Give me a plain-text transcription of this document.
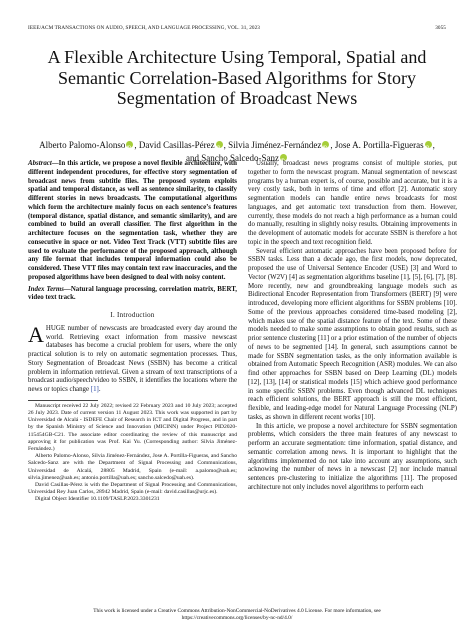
IEEE/ACM TRANSACTIONS ON AUDIO, SPEECH, AND LANGUAGE PROCESSING, VOL. 31, 2023	3055
A Flexible Architecture Using Temporal, Spatial and Semantic Correlation-Based Algorithms for Story Segmentation of Broadcast News
Alberto Palomo-Alonso iD , David Casillas-Pérez iD , Silvia Jiménez-Fernández iD , Jose A. Portilla-Figueras iD ,
and Sancho Salcedo-SanziD
Abstract—In this article, we propose a novel flexible architecture, with different independent procedures, for effective story segmentation of broadcast news from subtitle files. The proposed system exploits spatial and temporal distance, as well as sentence similarity, to classify different stories in news broadcasts. The computational algorithms which form the architecture mainly focus on each sentence’s features (temporal distance, spatial distance, and semantic similarity), and are combined to build an overall classifier. The first algorithm in the architecture focuses on the segmentation task, whether they are consecutive in space or not. Video Text Track (VTT) subtitle files are used to evaluate the performance of the proposed approach, although any file format that includes temporal information could also be considered. These VTT files may contain text raw inaccuracies, and the proposed algorithms have been designed to deal with noisy content.
Index Terms—Natural language processing, correlation matrix, BERT, video text track.
I. Introduction
AHUGE number of newscasts are broadcasted every day around the world. Retrieving exact information from massive newscast databases has become a crucial problem for users, where the only practical solution is to rely on automatic segmentation processes. Thus, Story Segmentation of Broadcast News (SSBN) has become a critical problem in information retrieval. Given a stream of text transcriptions of a broadcast audio/speech/video to SSBN, it identifies the locations where the news or topics change [1].

Manuscript received 22 July 2022; revised 22 February 2023 and 10 July 2023; accepted 26 July 2023. Date of current version 11 August 2023. This work was supported in part by Universidad de Alcalá - ISDEFE Chair of Research in ICT and Digital Progress, and in part by the Spanish Ministry of Science and Innovation (MICINN) under Project PID2020-115454GB-C21. The associate editor coordinating the review of this manuscript and approving it for publication was Prof. Kai Yu. (Corresponding author: Silvia Jiménez-Fernández.)

Alberto Palomo-Alonso, Silvia Jiménez-Fernández, Jose A. Portilla-Figueras, and Sancho Salcedo-Sanz are with the Department of Signal Processing and Communications, Universidad de Alcalá, 28805 Madrid, Spain (e-mail: a.palomo@uah.es; silvia.jimenez@uah.es; antonio.portilla@uah.es; sancho.salcedo@uah.es).

David Casillas-Pérez is with the Department of Signal Processing and Communications, Universidad Rey Juan Carlos, 28942 Madrid, Spain (e-mail: david.casillas@urjc.es).

Digital Object Identifier 10.1109/TASLP.2023.3301231

Usually, broadcast news programs consist of multiple stories, put together to form the newscast program. Manual segmentation of newscast programs by a human expert is, of course, possible and accurate, but it is a very costly task, both in terms of time and effort [2]. Automatic story segmentation models can handle entire news broadcasts for most languages, and get automatic text transduction from them. However, currently, these models do not reach a high performance as a human could do manually, resulting in slightly noisy results. Obtaining improvements in the development of automatic models for accurate SSBN is therefore a hot topic in the speech and text recognition field.

Several efficient automatic approaches have been proposed before for SSBN tasks. Less than a decade ago, the first models, now deprecated, proposed the use of Universal Sentence Encoder (USE) [3] and Word to Vector (W2V) [4] as segmentation algorithms baseline [1], [5], [6], [7], [8]. More recently, new and groundbreaking language models such as Bidirectional Encoder Representation from Transformers (BERT) [9] were introduced, developing more efficient algorithms for SSBN problems [10]. Some of the previous approaches considered time-based modeling [2], which makes use of the spatial distance feature of the text. Some of these models needed to make some assumptions to obtain good results, such as prior sentence clustering [11] or a prior estimation of the number of objects of news to be segmented [14]. In general, such assumptions cannot be made for SSBN segmentation tasks, as the only information available is obtained from Automatic Speech Recognition (ASR) modules. We can also find other approaches for SSBN based on Deep Learning (DL) models [12], [13], [14] or statistical models [15] which achieve good performance in some specific SSBN problems. Even though advanced DL techniques reach efficient solutions, the BERT approach is still the most efficient, flexible, and leading-edge model for Natural Language Processing (NLP) tasks, as shown in different recent works [10].

In this article, we propose a novel architecture for SSBN segmentation problems, which considers the three main features of any newscast to perform an accurate segmentation: time information, spatial distance, and semantic correlation among news. It is important to highlight that the algorithms implemented do not take into account any assumptions, such acknowing the number of news in a newscast [2] nor include manual sentences pre-clustering to initialize the algorithms [11]. The proposed architecture not only includes novel algorithms to perform each

This work is licensed under a Creative Commons Attribution-NonCommercial-NoDerivatives 4.0 License. For more information, see
https://creativecommons.org/licenses/by-nc-nd/4.0/
